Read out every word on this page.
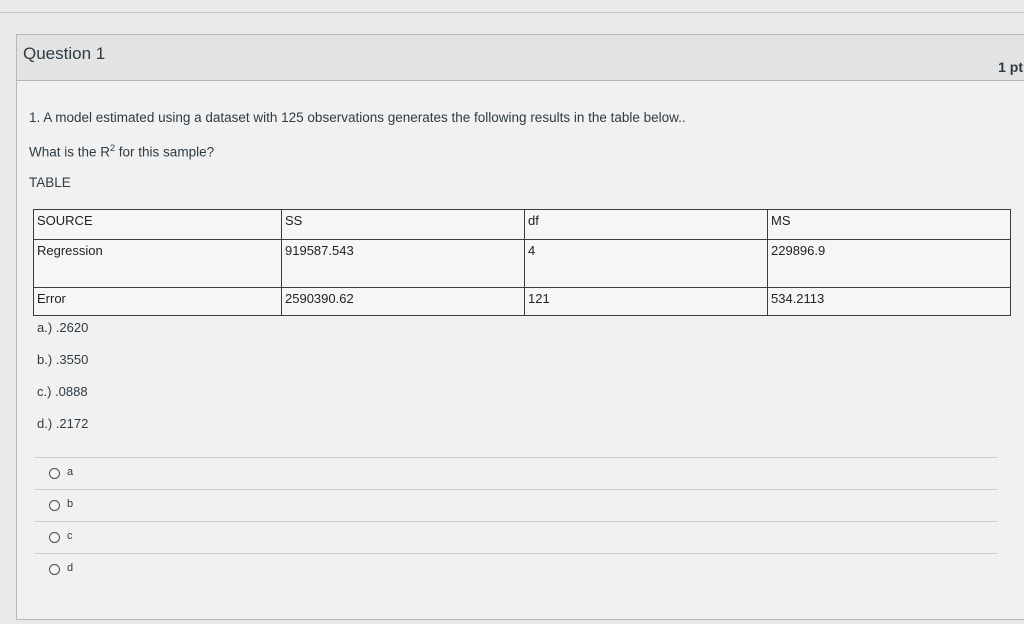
Question 1
1 pt
1. A model estimated using a dataset with 125 observations generates the following results in the table below..
What is the $R^2$ for this sample?
TABLE
SOURCE	SS	df	MS
Regression	919587.543	4	229896.9
Error	2590390.62	121	534.2113
a.) .2620
b.) .3550
c.) .0888
d.) .2172
a
b
c
d
